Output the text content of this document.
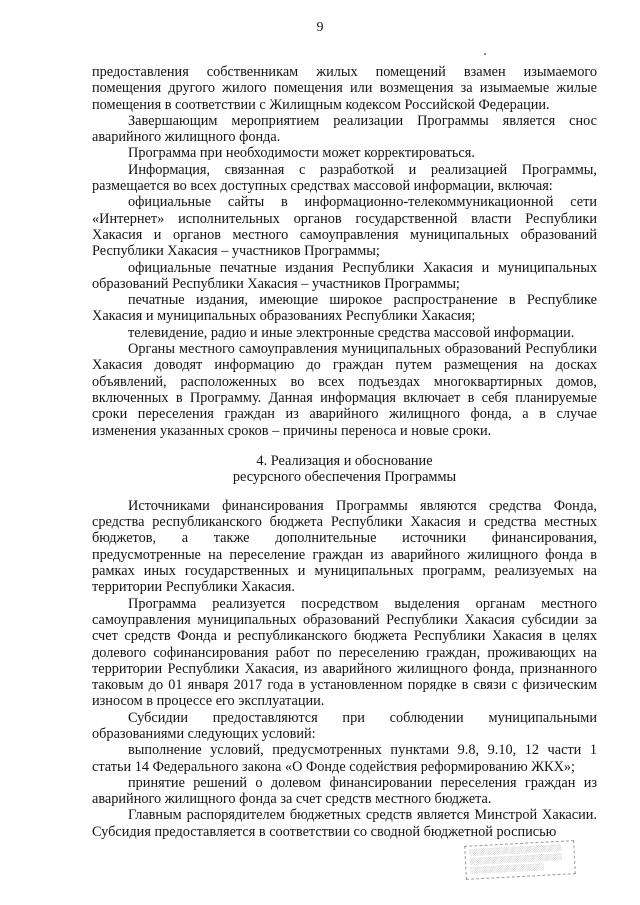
9

предоставления собственникам жилых помещений взамен изымаемого помещения другого жилого помещения или возмещения за изымаемые жилые помещения в соответствии с Жилищным кодексом Российской Федерации.

Завершающим мероприятием реализации Программы является снос аварийного жилищного фонда.

Программа при необходимости может корректироваться.

Информация, связанная с разработкой и реализацией Программы, размещается во всех доступных средствах массовой информации, включая:

официальные сайты в информационно-телекоммуникационной сети «Интернет» исполнительных органов государственной власти Республики Хакасия и органов местного самоуправления муниципальных образований Республики Хакасия – участников Программы;

официальные печатные издания Республики Хакасия и муниципальных образований Республики Хакасия – участников Программы;

печатные издания, имеющие широкое распространение в Республике Хакасия и муниципальных образованиях Республики Хакасия;

телевидение, радио и иные электронные средства массовой информации.

Органы местного самоуправления муниципальных образований Республики Хакасия доводят информацию до граждан путем размещения на досках объявлений, расположенных во всех подъездах многоквартирных домов, включенных в Программу. Данная информация включает в себя планируемые сроки переселения граждан из аварийного жилищного фонда, а в случае изменения указанных сроков – причины переноса и новые сроки.

4. Реализация и обоснование
ресурсного обеспечения Программы

Источниками финансирования Программы являются средства Фонда, средства республиканского бюджета Республики Хакасия и средства местных бюджетов, а также дополнительные источники финансирования, предусмотренные на переселение граждан из аварийного жилищного фонда в рамках иных государственных и муниципальных программ, реализуемых на территории Республики Хакасия.

Программа реализуется посредством выделения органам местного самоуправления муниципальных образований Республики Хакасия субсидии за счет средств Фонда и республиканского бюджета Республики Хакасия в целях долевого софинансирования работ по переселению граждан, проживающих на территории Республики Хакасия, из аварийного жилищного фонда, признанного таковым до 01 января 2017 года в установленном порядке в связи с физическим износом в процессе его эксплуатации.

Субсидии предоставляются при соблюдении муниципальными образованиями следующих условий:

выполнение условий, предусмотренных пунктами 9.8, 9.10, 12 части 1 статьи 14 Федерального закона «О Фонде содействия реформированию ЖКХ»;

принятие решений о долевом финансировании переселения граждан из аварийного жилищного фонда за счет средств местного бюджета.

Главным распорядителем бюджетных средств является Минстрой Хакасии. Субсидия предоставляется в соответствии со сводной бюджетной росписью

░░░░░░░░░░░░░░░░░░░░
░░░░░░░░░░░░░░░░░░░░
░░░░░░░░░░░░░░░░
